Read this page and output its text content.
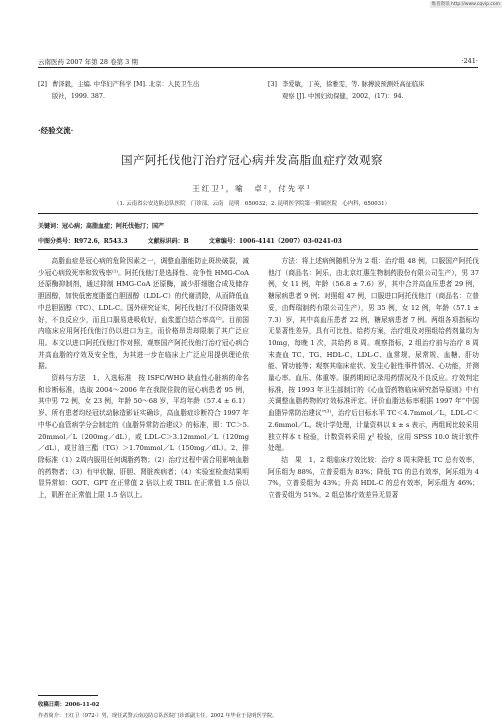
维普资讯 http://www.cqvip.com
云南医药 2007 年第 28 卷第 3 期	·241·
[2] 曹泽毅，主编. 中华妇产科学 [M]. 北京：人民卫生出
版社，1999. 387.
[3] 李爱敏，丁英，徐雅雯，等. 脉搏波预测妊高征临床
观察 [J]. 中国妇幼保健，2002，(17)：94.
·经验交流·
国产阿托伐他汀治疗冠心病并发高脂血症疗效观察
王红卫¹，喻　卓²，付先平¹
（1. 云南省公安边防总队医院　门诊部，云南　昆明　650032；2. 昆明医学院第一附属医院　心内科，650031）
关键词：冠心病；高脂血症；阿托伐他汀；国产
中图分类号：R972.6，R543.3	文献标识码：B	文章编号：1006-4141（2007）03-0241-03

高脂血症是冠心病的危险因素之一，调整血脂能防止斑块破裂，减少冠心病致死率和致残率⁽¹⁾。阿托伐他汀是选择性、竞争性 HMG-CoA 还原酶抑制剂，通过抑制 HMG-CoA 还原酶，减少肝细胞合成及储存胆固醇，加快低密度脂蛋白胆固醇（LDL-C）的代谢清除，从而降低血中总胆固醇（TC）、LDL-C。国外研究证实，阿托伐他汀不仅降脂效果好，不良反应少，而且口服易进吸收好，血浆蛋白结合率高⁽²⁾。目前国内临床应用阿托伐他汀仍以进口为主，而价格昂贵却限制了其广泛应用。本文以进口阿托伐他汀作对照，观察国产阿托伐他汀治疗冠心病合并高血脂的疗效及安全性，为其进一步在临床上广泛应用提供理论依据。

资料与方法　1、入选标准　按 ISFC/WHO 缺血性心脏病的命名和诊断标准，选取 2004～2006 年在我院住院的冠心病患者 95 例，其中男 72 例，女 23 例，年龄 50～68 岁，平均年龄（57.4 ± 6.1）岁。所有患者均经冠状动脉造影证实确诊，高血脂症诊断符合 1997 年中华心血管病学分会制定的《血脂异常防治建议》的标准，即：TC＞5.20mmol／L（200mg／dL），或 LDL-C＞3.12mmol／L（120mg／dL），或甘油三酯（TG）＞1.70mmol／L（150mg／dL）。2、排除标准（1）2周内服用任何调脂药物；（2）治疗过程中需合用影响血脂的药物者；（3）有甲状腺、肝胆、肾脏疾病者；（4）实验室检查结果明显异常如：GOT、GPT 在正常值 2 倍以上或 TBIL 在正常值 1.5 倍以上，肌酐在正常值上限 1.5 倍以上。

方法：将上述病例随机分为 2 组：治疗组 48 例，口服国产阿托伐他汀（商品名：阿乐，由北京红惠生物制药股份有限公司生产），男 37 例，女 11 例，年龄（56.8 ± 7.6）岁，其中合并高血压患者 29 例，糖尿病患者 9 例；对照组 47 例，口服进口阿托伐他汀（商品名：立普妥，由辉瑞制药有限公司生产），男 35 例，女 12 例，年龄（57.1 ± 7.3）岁，其中高血压患者 22 例，糖尿病患者 7 例。两组各项指标均无显著性差异，具有可比性。给药方案，治疗组及对照组给药剂量均为 10mg，每晚 1 次，共给药 8 周。观察指标，2 组治疗前与治疗 8 周末查血 TC、TG、HDL-C、LDL-C、血常规、尿常规、血糖、肝功能、肾功能等；观察其临床症状、发生心脏性事件情况、心功能，并测量心率、血压、体重等。服药期间记录用药情况及不良反应。疗效判定标准，按 1993 年卫生部制订的《心血管药物临床研究指导原则》中有关调整血脂药物的疗效标准评定。评价血脂达标率根据 1997 年“中国血脂异常防治建议”⁽³⁾，治疗后目标水平 TC＜4.7mmol／L，LDL-C＜2.6mmol／L。统计学处理，计量资料以 x̄ ± s 表示，两组间比较采用独立样本 t 检验，计数资料采用 χ² 检验，应用 SPSS 10.0 统计软件处理。

结　果　1、2 组临床疗效比较：治疗 8 周末降低 TC 总有效率，阿乐组为 88%，立普妥组为 83%；降低 TG 的总有效率，阿乐组为 47%，立普妥组为 43%；升高 HDL-C 的总有效率，阿乐组为 46%；立普妥组为 51%。2 组总体疗效差异无显著

收稿日期：2006-11-02
作者简介：王红卫（972-）男，现任武警云南边防总队医院门诊部副主任，2002 年毕业于昆明医学院。
